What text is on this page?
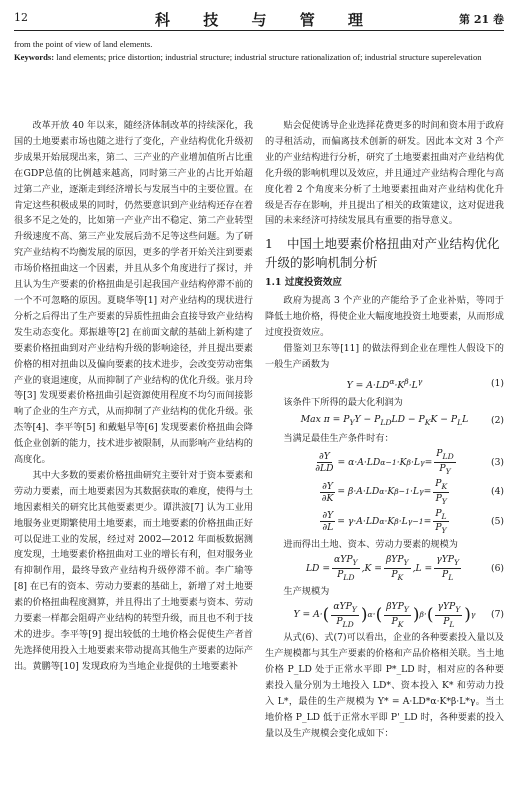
12	科 技 与 管 理	第 21 卷
from the point of view of land elements.
Keywords: land elements; price distortion; industrial structure; industrial structure rationalization of; industrial structure superelevation

改革开放 40 年以来，随经济体制改革的持续深化，我国的土地要素市场也随之进行了变化，产业结构优化升级初步成果开始展现出来，第二、三产业的产业增加值所占比重在GDP总值的比例越来越高，同时第三产业的占比开始超过第二产业，逐渐走到经济增长与发展当中的主要位置。在肯定这些积极成果的同时，仍然要意识到产业结构还存在着很多不足之处的，比如第一产业产出不稳定、第二产业转型升级速度不高、第三产业发展后劲不足等这些问题。为了研究产业结构不均衡发展的原因，更多的学者开始关注到要素市场价格扭曲这一个因素，并且从多个角度进行了探讨，并且认为生产要素的价格扭曲是引起我国产业结构停滞不前的一个不可忽略的原因。夏晓华等[1] 对产业结构的现状进行分析之后得出了生产要素的异质性扭曲会直接导致产业结构发生动态变化。郑振雄等[2] 在前面文献的基础上新构建了要素价格扭曲到对产业结构升级的影响途径，并且提出要素价格的相对扭曲以及偏向要素的技术进步，会改变劳动密集产业的衰退速度，从而抑制了产业结构的优化升级。张月玲等[3] 发现要素价格扭曲引起资源使用程度不均匀而间接影响了企业的生产方式，从而抑制了产业结构的优化升级。张杰等[4]、李平等[5] 和戴魁早等[6] 发现要素价格扭曲会降低企业创新的能力，技术进步被限制，从而影响产业结构的高度化。

其中大多数的要素价格扭曲研究主要针对于资本要素和劳动力要素，而土地要素因为其数据获取的难度，使得与土地因素相关的研究比其他要素更少。谭洪波[7] 认为工业用地服务业更期繁使用土地要素，而土地要素的价格扭曲正好可以促进工业的发展，经过对 2002—2012 年面板数据测度发现，土地要素价格扭曲对工业的增长有利，但对服务业有抑制作用，最终导致产业结构升级停滞不前。李广瑜等[8] 在已有的资本、劳动力要素的基础上，新增了对土地要素的价格扭曲程度测算，并且得出了土地要素与资本、劳动力要素一样都会阻碍产业结构的转型升级，而且也不利于技术的进步。李平等[9] 提出较低的土地价格会促使生产者首先选择使用投入土地要素来带动提高其他生产要素的边际产出。黄鹏等[10] 发现政府为当地企业提供的土地要素补

贴会促使诱导企业选择花费更多的时间和资本用于政府的寻租活动，而偏离技术创新的研发。因此本文对 3 个产业的产业结构进行分析，研究了土地要素扭曲对产业结构优化升级的影响机理以及效应，并且通过产业结构合理化与高度化着 2 个角度来分析了土地要素扭曲对产业结构优化升级是否存在影响，并且提出了相关的政策建议，这对促进我国的未来经济可持续发展具有重要的指导意义。

1 中国土地要素价格扭曲对产业结构优化升级的影响机制分析
1.1 过度投资效应

政府为提高 3 个产业的产能给予了企业补贴，等同于降低土地价格，得使企业大幅度地投资土地要素，从而形成过度投资效应。

借鉴刘卫东等[11] 的做法得到企业在理性人假设下的一般生产函数为

$Y = A\cdot LD^\alpha\cdot K^\beta\cdot L^\gamma$	(1)

该条件下所得的最大化利润为

Max $\pi = P_YY - P_{LD}LD - P_KK - P_LL$ (2)

当满足最佳生产条件时有：

$\frac{\partial Y}{\partial LD} = \alpha\cdot A\cdot LD$ α−1 ·K β ·L $\gamma = \frac{P_{LD}}{P_Y}$	(3)
$\frac{\partial Y}{\partial K} = \beta\cdot A\cdot LD$ α ·K β−1 ·L $\gamma = \frac{P_K}{P_Y}$	(4)
$\frac{\partial Y}{\partial L} = \gamma\cdot A\cdot LD$ α ·K β ·L $\gamma-1 = \frac{P_L}{P_Y}$	(5)

进而得出土地、资本、劳动力要素的规模为

LD = $\frac{\alpha YP_Y}{P_{LD}} ,K = \frac{\beta YP_Y}{P_K} ,L = \frac{\gamma YP_Y}{P_L}$	(6)

生产规模为

Y = A· ( $\frac{\alpha YP_Y}{P_{LD}}$ ) α · ( $\frac{\beta YP_Y}{P_K}$ ) β · ( $\frac{\gamma YP_Y}{P_L}$ ) γ (7)

从式(6)、式(7)可以看出，企业的各种要素投入量以及生产规模都与其生产要素的价格和产品价格相关联。当土地价格 P_LD 处于正常水平即 P*_LD 时，相对应的各种要素投入量分别为土地投入 LD*、资本投入 K* 和劳动力投入 L*，最佳的生产规模为 Y* = A·LD*α·K*β·L*γ。当土地价格 P_LD 低于正常水平即 P'_LD 时，各种要素的投入量以及生产规模会变化成如下：
